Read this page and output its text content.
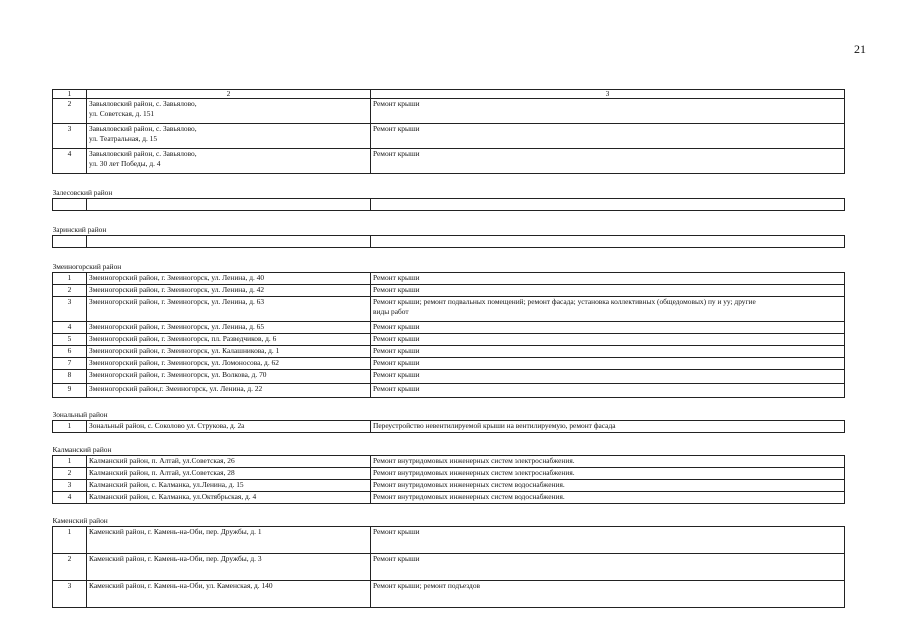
21
1	2	3
2	Завьяловский район, с. Завьялово,
ул. Советская, д. 151	Ремонт крыши
3	Завьяловский район, с. Завьялово,
ул. Театральная, д. 15	Ремонт крыши
4	Завьяловский район, с. Завьялово,
ул. 30 лет Победы, д. 4	Ремонт крыши
Залесовский район		

Заринский район		

Змеиногорский район		
1	Змеиногорский район, г. Змеиногорск, ул. Ленина, д. 40	Ремонт крыши
2	Змеиногорский район, г. Змеиногорск, ул. Ленина, д. 42	Ремонт крыши
3	Змеиногорский район, г. Змеиногорск, ул. Ленина, д. 63	Ремонт крыши; ремонт подвальных помещений; ремонт фасада; установка коллективных (общедомовых) пу и уу; другие
виды работ
4	Змеиногорский район, г. Змеиногорск, ул. Ленина, д. 65	Ремонт крыши
5	Змеиногорский район, г. Змеиногорск, пл. Разведчиков, д. 6	Ремонт крыши
6	Змеиногорский район, г. Змеиногорск, ул. Калашникова, д. 1	Ремонт крыши
7	Змеиногорский район, г. Змеиногорск, ул. Ломоносова, д. 62	Ремонт крыши
8	Змеиногорский район, г. Змеиногорск, ул. Волкова, д. 70	Ремонт крыши
9	Змеиногорский район,г. Змеиногорск, ул. Ленина, д. 22	Ремонт крыши
Зональный район		
1	Зональный район, с. Соколово ул. Струкова, д. 2а	Переустройство невентилируемой крыши на вентилируемую, ремонт фасада
Калманский район		
1	Калманский район, п. Алтай, ул.Советская, 26	Ремонт внутридомовых инженерных систем электроснабжения.
2	Калманский район, п. Алтай, ул.Советская, 28	Ремонт внутридомовых инженерных систем электроснабжения.
3	Калманский район, с. Калманка, ул.Ленина, д. 15	Ремонт внутридомовых инженерных систем водоснабжения.
4	Калманский район, с. Калманка, ул.Октябрьская, д. 4	Ремонт внутридомовых инженерных систем водоснабжения.
Каменский район		
1	Каменский район, г. Камень-на-Оби, пер. Дружбы, д. 1	Ремонт крыши
2	Каменский район, г. Камень-на-Оби, пер. Дружбы, д. 3	Ремонт крыши
3	Каменский район, г. Камень-на-Оби, ул. Каменская, д. 140	Ремонт крыши; ремонт подъездов
